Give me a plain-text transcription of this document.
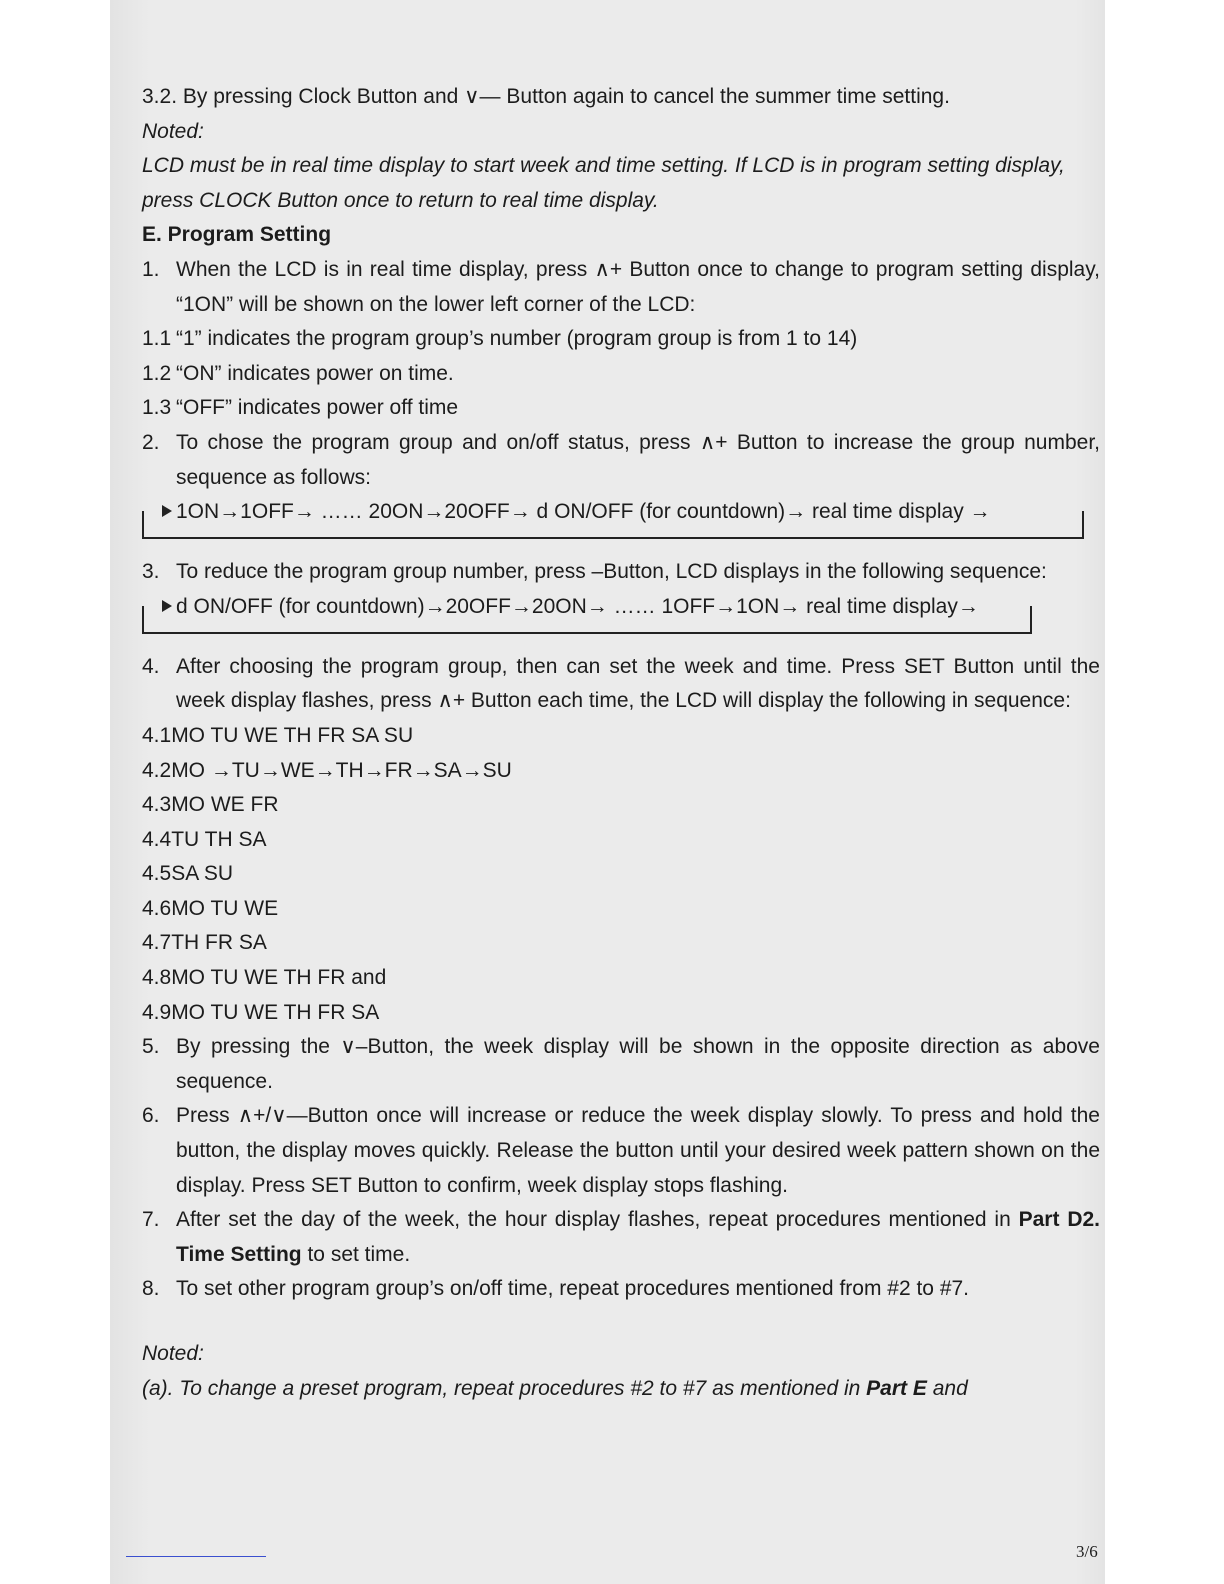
3.2. By pressing Clock Button and ∨— Button again to cancel the summer time setting.

Noted:

LCD must be in real time display to start week and time setting. If LCD is in program setting display, press CLOCK Button once to return to real time display.

E. Program Setting

1. When the LCD is in real time display, press ∧+ Button once to change to program setting display, “1ON” will be shown on the lower left corner of the LCD:
1.1 “1” indicates the program group’s number (program group is from 1 to 14)
1.2 “ON” indicates power on time.
1.3 “OFF” indicates power off time
2. To chose the program group and on/off status, press ∧+ Button to increase the group number, sequence as follows:
1ON→1OFF→ …… 20ON→20OFF→ d ON/OFF (for countdown)→ real time display →
3. To reduce the program group number, press –Button, LCD displays in the following sequence:
d ON/OFF (for countdown)→20OFF→20ON→ …… 1OFF→1ON→ real time display→
4. After choosing the program group, then can set the week and time. Press SET Button until the week display flashes, press ∧+ Button each time, the LCD will display the following in sequence:

4.1MO TU WE TH FR SA SU

4.2MO →TU→WE→TH→FR→SA→SU

4.3MO WE FR

4.4TU TH SA

4.5SA SU

4.6MO TU WE

4.7TH FR SA

4.8MO TU WE TH FR and

4.9MO TU WE TH FR SA

5. By pressing the ∨–Button, the week display will be shown in the opposite direction as above sequence.
6. Press ∧+/∨—Button once will increase or reduce the week display slowly. To press and hold the button, the display moves quickly. Release the button until your desired week pattern shown on the display. Press SET Button to confirm, week display stops flashing.
7. After set the day of the week, the hour display flashes, repeat procedures mentioned in Part D2. Time Setting to set time.
8. To set other program group’s on/off time, repeat procedures mentioned from #2 to #7.

Noted:

(a). To change a preset program, repeat procedures #2 to #7 as mentioned in Part E and

3/6
